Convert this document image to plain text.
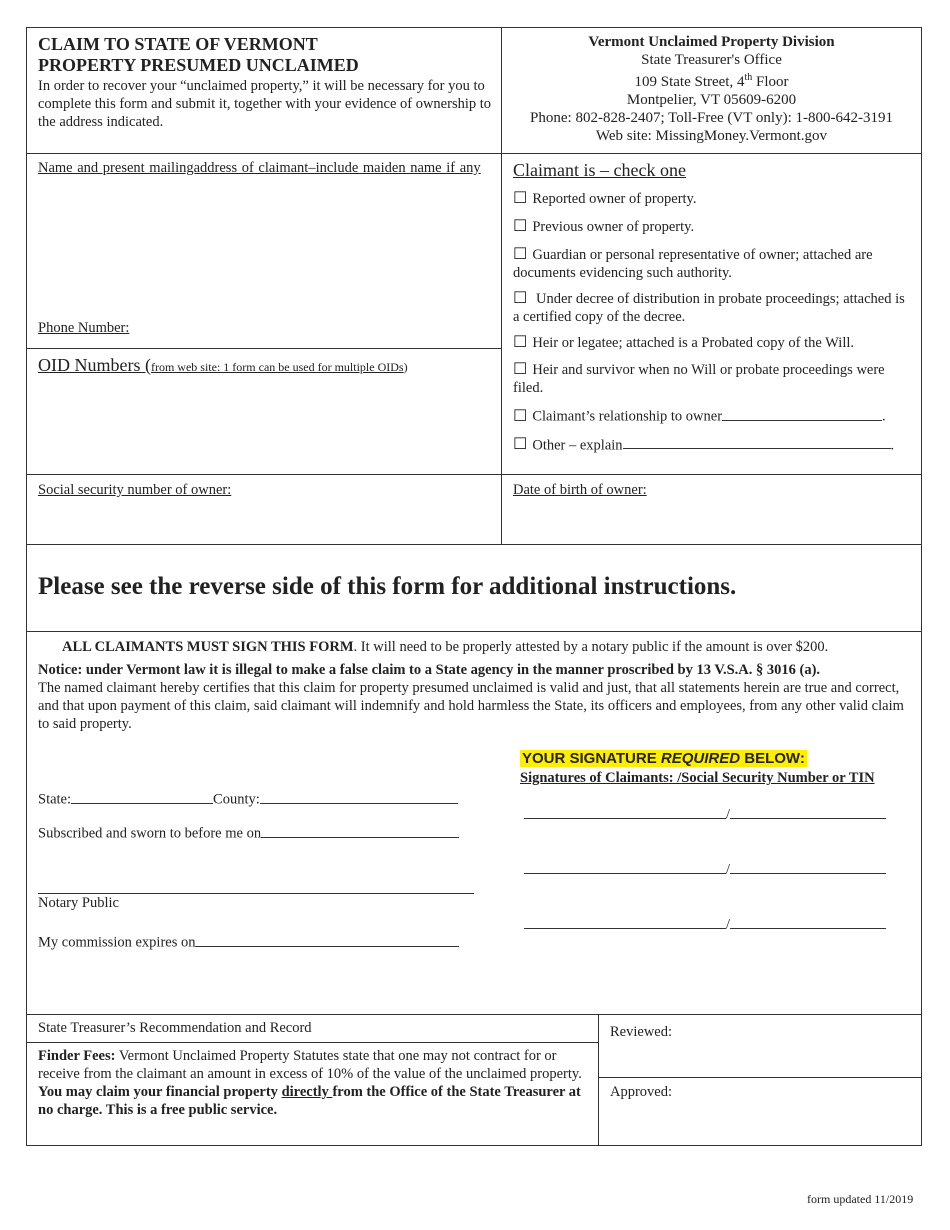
CLAIM TO STATE OF VERMONT
PROPERTY PRESUMED UNCLAIMED

In order to recover your “unclaimed property,” it will be necessary for you to complete this form and submit it, together with your evidence of ownership to the address indicated.

Vermont Unclaimed Property Division
State Treasurer's Office
109 State Street, 4th Floor
Montpelier, VT 05609-6200
Phone: 802-828-2407; Toll-Free (VT only): 1-800-642-3191
Web site: MissingMoney.Vermont.gov
Name and present mailingaddress of claimant–include maiden name if any
Phone Number:
OID Numbers (from web site: 1 form can be used for multiple OIDs)
Claimant is – check one
☐ Reported owner of property.
☐ Previous owner of property.
☐ Guardian or personal representative of owner; attached are documents evidencing such authority.
☐ Under decree of distribution in probate proceedings; attached is a certified copy of the decree.
☐ Heir or legatee; attached is a Probated copy of the Will.
☐ Heir and survivor when no Will or probate proceedings were filed.
☐ Claimant’s relationship to owner	.
☐ Other – explain	.
Social security number of owner:	Date of birth of owner:
Please see the reverse side of this form for additional instructions.
ALL CLAIMANTS MUST SIGN THIS FORM. It will need to be properly attested by a notary public if the amount is over $200.

Notice: under Vermont law it is illegal to make a false claim to a State agency in the manner proscribed by 13 V.S.A. § 3016 (a).
The named claimant hereby certifies that this claim for property presumed unclaimed is valid and just, that all statements herein are true and correct, and that upon payment of this claim, said claimant will indemnify and hold harmless the State, its officers and employees, from any other valid claim to said property.

State:	County:
Subscribed and sworn to before me on
Notary Public
My commission expires on
YOUR SIGNATURE REQUIRED BELOW:
Signatures of Claimants: /Social Security Number or TIN
/
/
/
State Treasurer’s Recommendation and Record

Finder Fees: Vermont Unclaimed Property Statutes state that one may not contract for or receive from the claimant an amount in excess of 10% of the value of the unclaimed property. You may claim your financial property directly from the Office of the State Treasurer at no charge. This is a free public service.

Reviewed:
Approved:
form updated 11/2019
